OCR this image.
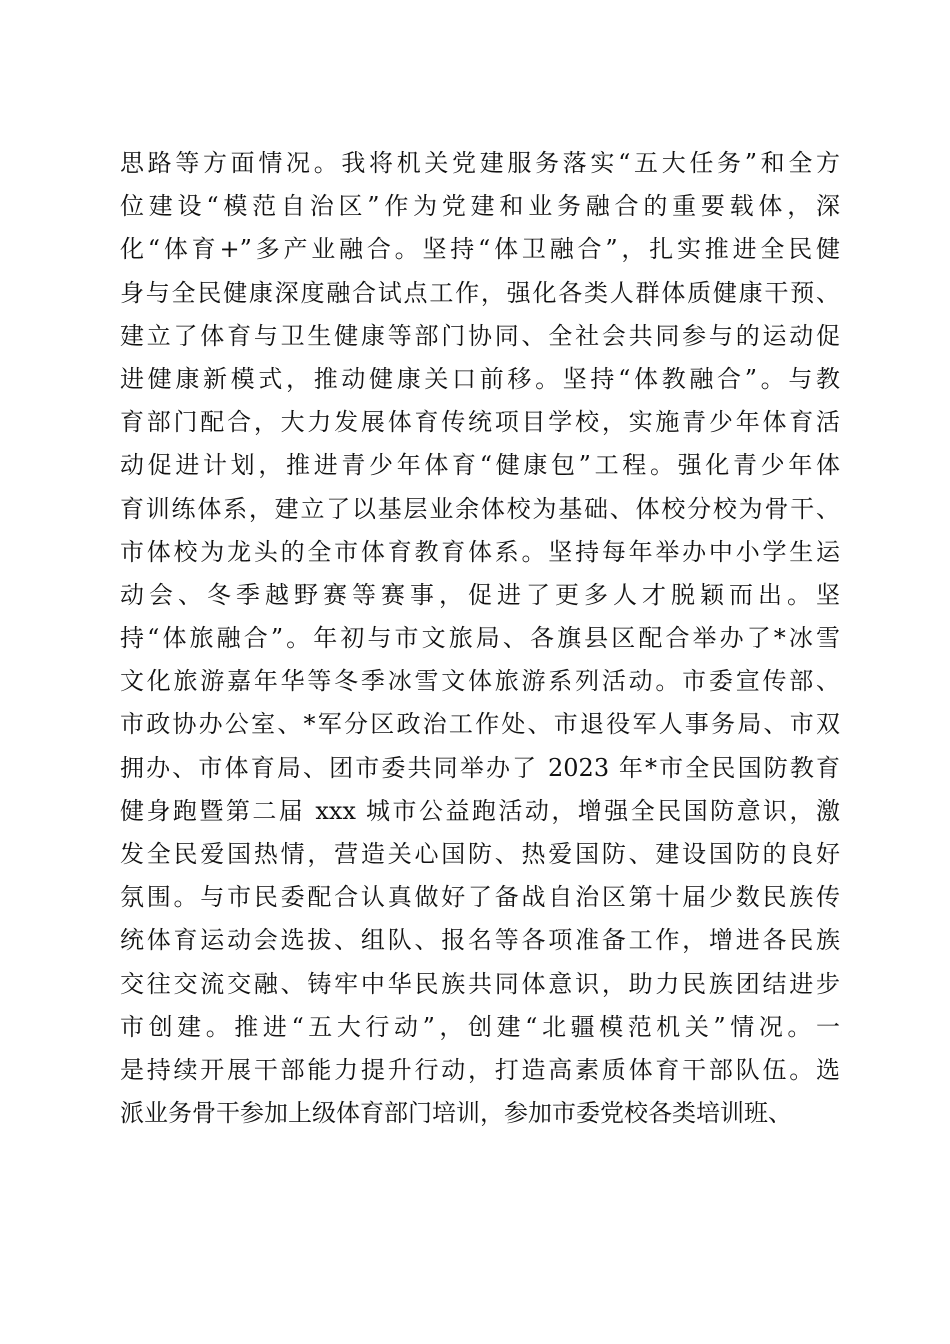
思路等方面情况。我将机关党建服务落实“五大任务”和全方
位建设“模范自治区”作为党建和业务融合的重要载体，深
化“体育+”多产业融合。坚持“体卫融合”，扎实推进全民健
身与全民健康深度融合试点工作，强化各类人群体质健康干预、
建立了体育与卫生健康等部门协同、全社会共同参与的运动促
进健康新模式，推动健康关口前移。坚持“体教融合”。与教
育部门配合，大力发展体育传统项目学校，实施青少年体育活
动促进计划，推进青少年体育“健康包”工程。强化青少年体
育训练体系，建立了以基层业余体校为基础、体校分校为骨干、
市体校为龙头的全市体育教育体系。坚持每年举办中小学生运
动会、冬季越野赛等赛事，促进了更多人才脱颖而出。坚
持“体旅融合”。年初与市文旅局、各旗县区配合举办了*冰雪
文化旅游嘉年华等冬季冰雪文体旅游系列活动。市委宣传部、
市政协办公室、*军分区政治工作处、市退役军人事务局、市双
拥办、市体育局、团市委共同举办了 2023 年*市全民国防教育
健身跑暨第二届 xxx 城市公益跑活动，增强全民国防意识，激
发全民爱国热情，营造关心国防、热爱国防、建设国防的良好
氛围。与市民委配合认真做好了备战自治区第十届少数民族传
统体育运动会选拔、组队、报名等各项准备工作，增进各民族
交往交流交融、铸牢中华民族共同体意识，助力民族团结进步
市创建。推进“五大行动”，创建“北疆模范机关”情况。一
是持续开展干部能力提升行动，打造高素质体育干部队伍。选
派业务骨干参加上级体育部门培训，参加市委党校各类培训班、
